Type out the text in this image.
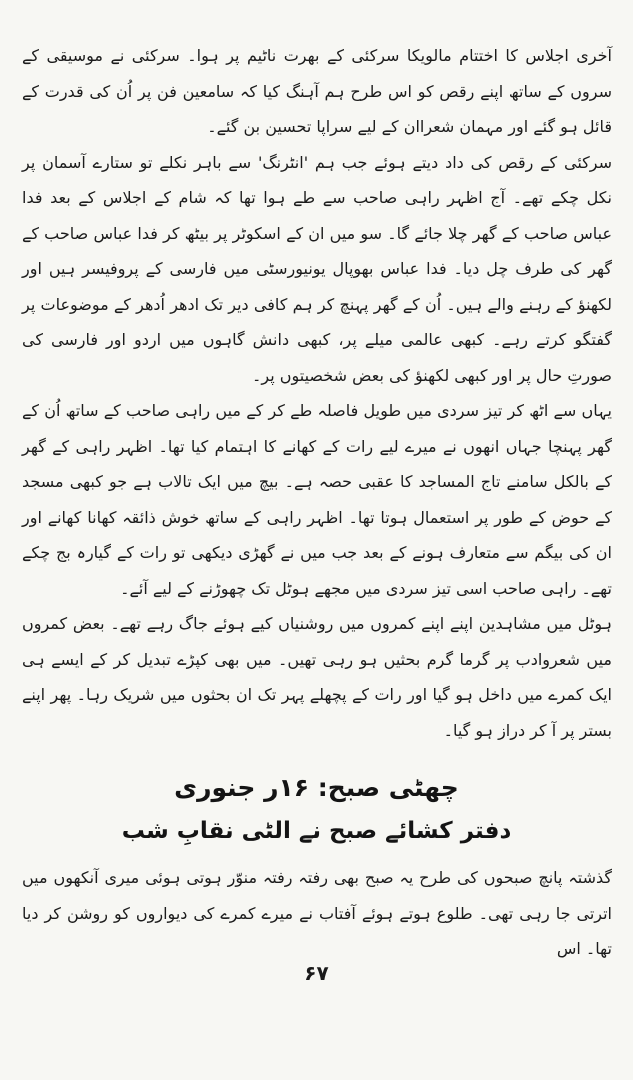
آخری اجلاس کا اختتام مالویکا سرکئی کے بھرت ناٹیم پر ہوا۔ سرکئی نے موسیقی کے سروں کے ساتھ اپنے رقص کو اس طرح ہم آہنگ کیا کہ سامعین فن پر اُن کی قدرت کے قائل ہو گئے اور مہمان شعراان کے لیے سراپا تحسین بن گئے۔

سرکئی کے رقص کی داد دیتے ہوئے جب ہم 'انٹرنگ' سے باہر نکلے تو ستارے آسمان پر نکل چکے تھے۔ آج اظہر راہی صاحب سے طے ہوا تھا کہ شام کے اجلاس کے بعد فدا عباس صاحب کے گھر چلا جائے گا۔ سو میں ان کے اسکوٹر پر بیٹھ کر فدا عباس صاحب کے گھر کی طرف چل دیا۔ فدا عباس بھوپال یونیورسٹی میں فارسی کے پروفیسر ہیں اور لکھنؤ کے رہنے والے ہیں۔ اُن کے گھر پہنچ کر ہم کافی دیر تک ادھر اُدھر کے موضوعات پر گفتگو کرتے رہے۔ کبھی عالمی میلے پر، کبھی دانش گاہوں میں اردو اور فارسی کی صورتِ حال پر اور کبھی لکھنؤ کی بعض شخصیتوں پر۔

یہاں سے اٹھ کر تیز سردی میں طویل فاصلہ طے کر کے میں راہی صاحب کے ساتھ اُن کے گھر پہنچا جہاں انھوں نے میرے لیے رات کے کھانے کا اہتمام کیا تھا۔ اظہر راہی کے گھر کے بالکل سامنے تاج المساجد کا عقبی حصہ ہے۔ بیچ میں ایک تالاب ہے جو کبھی مسجد کے حوض کے طور پر استعمال ہوتا تھا۔ اظہر راہی کے ساتھ خوش ذائقہ کھانا کھانے اور ان کی بیگم سے متعارف ہونے کے بعد جب میں نے گھڑی دیکھی تو رات کے گیارہ بج چکے تھے۔ راہی صاحب اسی تیز سردی میں مجھے ہوٹل تک چھوڑنے کے لیے آئے۔

ہوٹل میں مشاہدین اپنے اپنے کمروں میں روشنیاں کیے ہوئے جاگ رہے تھے۔ بعض کمروں میں شعروادب پر گرما گرم بحثیں ہو رہی تھیں۔ میں بھی کپڑے تبدیل کر کے ایسے ہی ایک کمرے میں داخل ہو گیا اور رات کے پچھلے پہر تک ان بحثوں میں شریک رہا۔ پھر اپنے بستر پر آ کر دراز ہو گیا۔

چھٹی صبح: ۱۶ر جنوری
دفتر کشائے صبح نے الٹی نقابِ شب

گذشتہ پانچ صبحوں کی طرح یہ صبح بھی رفتہ رفتہ منوّر ہوتی ہوئی میری آنکھوں میں اترتی جا رہی تھی۔ طلوع ہوتے ہوئے آفتاب نے میرے کمرے کی دیواروں کو روشن کر دیا تھا۔ اس

۶۷
